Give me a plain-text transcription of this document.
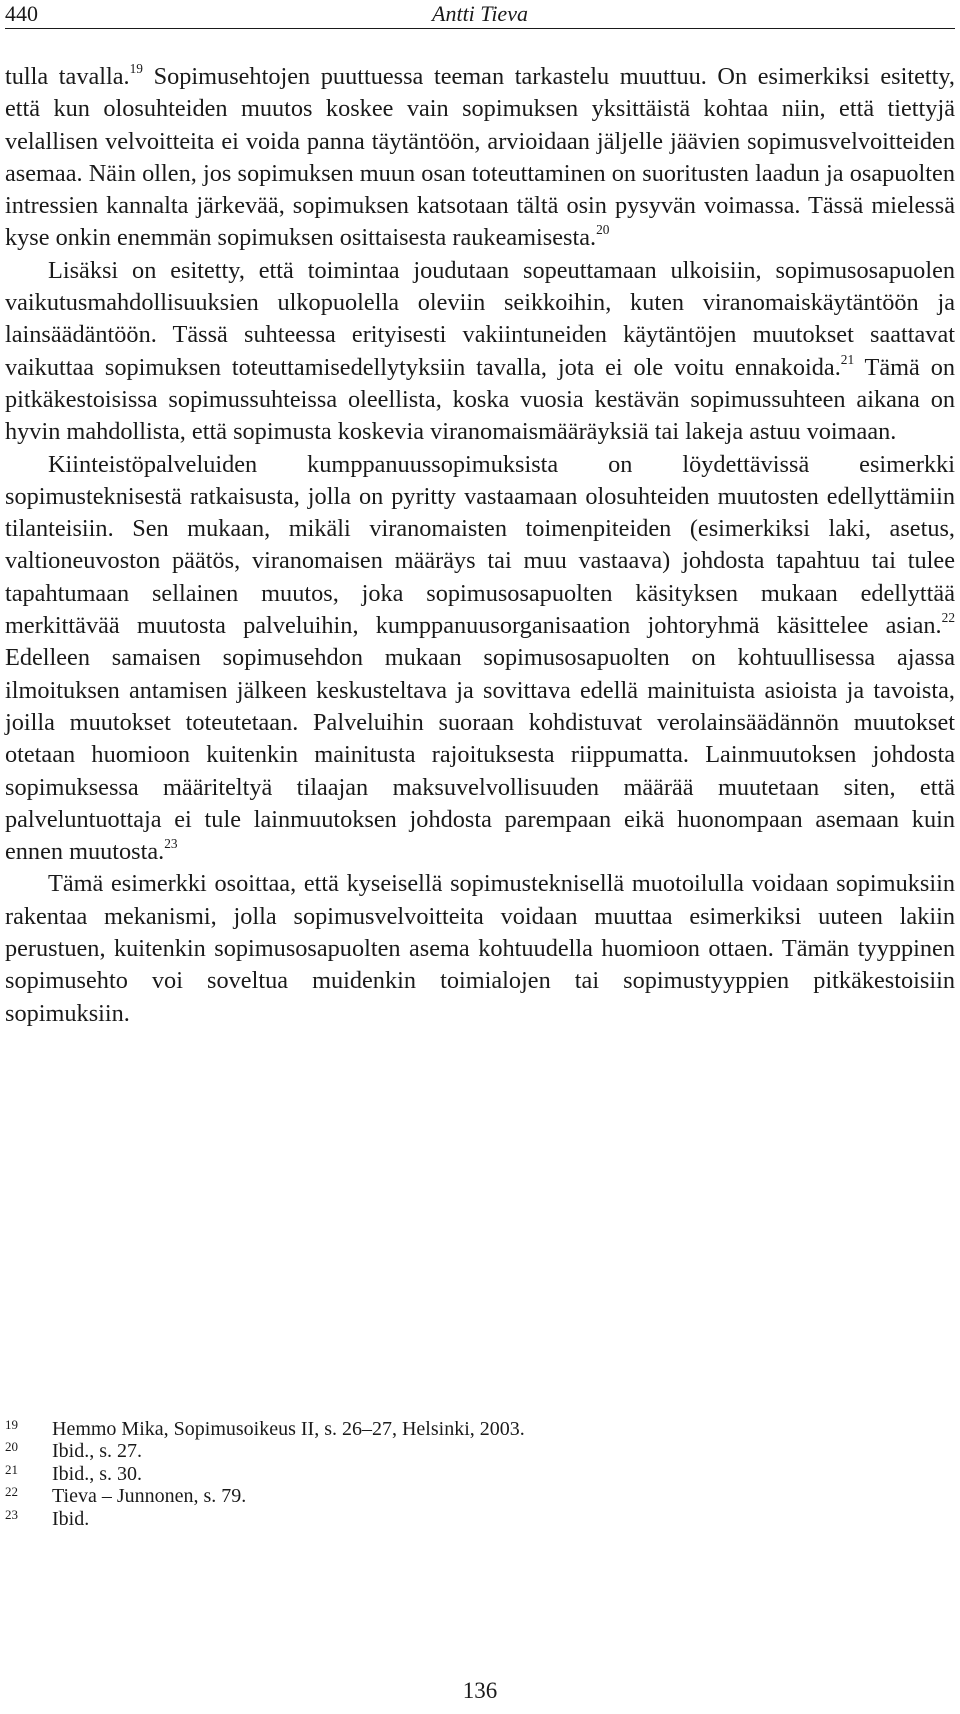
440	Antti Tieva

tulla tavalla.$^{19}$ Sopimusehtojen puuttuessa teeman tarkastelu muuttuu. On esimerkiksi esitetty, että kun olosuhteiden muutos koskee vain sopimuksen yksittäistä kohtaa niin, että tiettyjä velallisen velvoitteita ei voida panna täytäntöön, arvioidaan jäljelle jäävien sopimusvelvoitteiden asemaa. Näin ollen, jos sopimuksen muun osan toteuttaminen on suoritusten laadun ja osapuolten intressien kannalta järkevää, sopimuksen katsotaan tältä osin pysyvän voimassa. Tässä mielessä kyse onkin enemmän sopimuksen osittaisesta raukeamisesta.$^{20}$

Lisäksi on esitetty, että toimintaa joudutaan sopeuttamaan ulkoisiin, sopimusosapuolen vaikutusmahdollisuuksien ulkopuolella oleviin seikkoihin, kuten viranomaiskäytäntöön ja lainsäädäntöön. Tässä suhteessa erityisesti vakiintuneiden käytäntöjen muutokset saattavat vaikuttaa sopimuksen toteuttamisedellytyksiin tavalla, jota ei ole voitu ennakoida.$^{21}$ Tämä on pitkäkestoisissa sopimussuhteissa oleellista, koska vuosia kestävän sopimussuhteen aikana on hyvin mahdollista, että sopimusta koskevia viranomaismääräyksiä tai lakeja astuu voimaan.

Kiinteistöpalveluiden kumppanuussopimuksista on löydettävissä esimerkki sopimusteknisestä ratkaisusta, jolla on pyritty vastaamaan olosuhteiden muutosten edellyttämiin tilanteisiin. Sen mukaan, mikäli viranomaisten toimenpiteiden (esimerkiksi laki, asetus, valtioneuvoston päätös, viranomaisen määräys tai muu vastaava) johdosta tapahtuu tai tulee tapahtumaan sellainen muutos, joka sopimusosapuolten käsityksen mukaan edellyttää merkittävää muutosta palveluihin, kumppanuusorganisaation johtoryhmä käsittelee asian.$^{22}$ Edelleen samaisen sopimusehdon mukaan sopimusosapuolten on kohtuullisessa ajassa ilmoituksen antamisen jälkeen keskusteltava ja sovittava edellä mainituista asioista ja tavoista, joilla muutokset toteutetaan. Palveluihin suoraan kohdistuvat verolainsäädännön muutokset otetaan huomioon kuitenkin mainitusta rajoituksesta riippumatta. Lainmuutoksen johdosta sopimuksessa määriteltyä tilaajan maksuvelvollisuuden määrää muutetaan siten, että palveluntuottaja ei tule lainmuutoksen johdosta parempaan eikä huonompaan asemaan kuin ennen muutosta.$^{23}$

Tämä esimerkki osoittaa, että kyseisellä sopimusteknisellä muotoilulla voidaan sopimuksiin rakentaa mekanismi, jolla sopimusvelvoitteita voidaan muuttaa esimerkiksi uuteen lakiin perustuen, kuitenkin sopimusosapuolten asema kohtuudella huomioon ottaen. Tämän tyyppinen sopimusehto voi soveltua muidenkin toimialojen tai sopimustyyppien pitkäkestoisiin sopimuksiin.

19 Hemmo Mika, Sopimusoikeus II, s. 26–27, Helsinki, 2003.
20 Ibid., s. 27.
21 Ibid., s. 30.
22 Tieva – Junnonen, s. 79.
23 Ibid.
136
